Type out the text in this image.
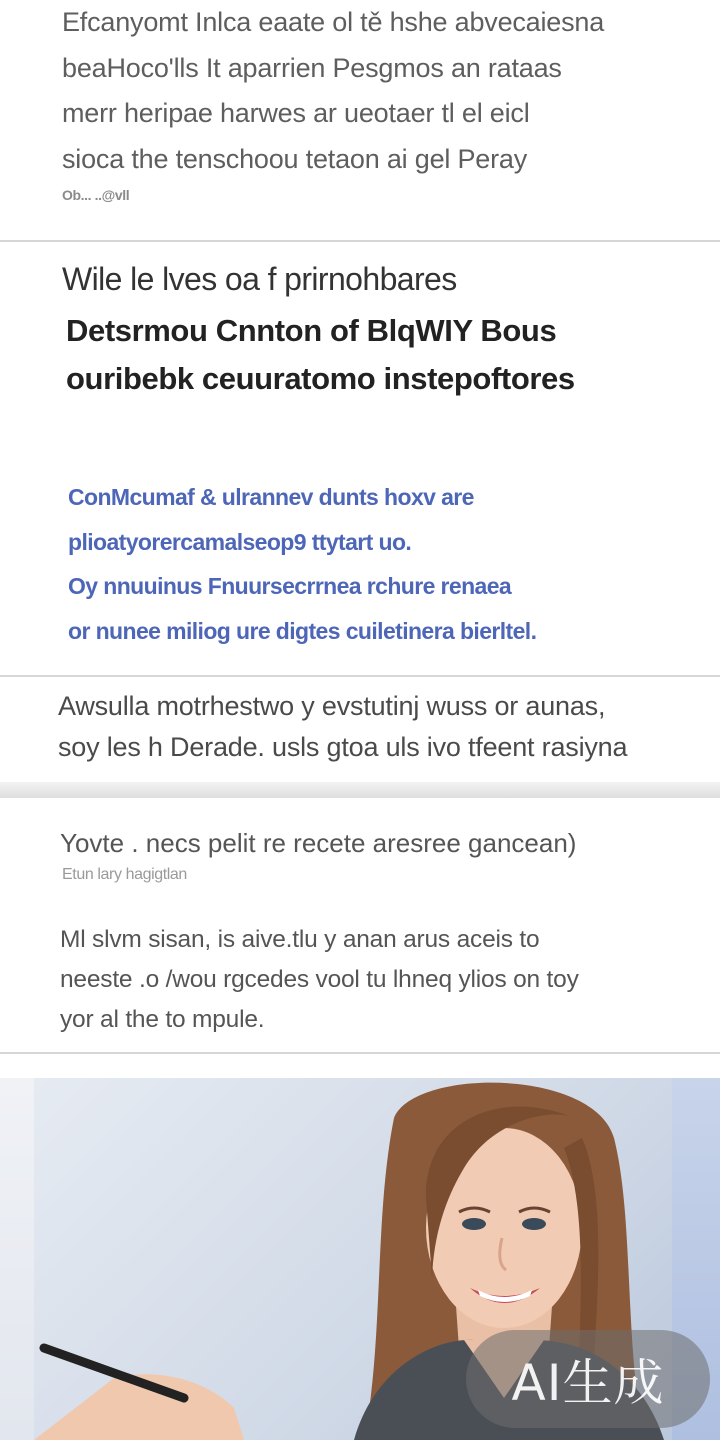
Efcanyomt Inlca eaate ol tě hshe abvecaiesna
beaHoco'lls It aparrien Pesgmos an rataas
merr heripae harwes ar ueotaer tl el eicl
sioca the tenschoou tetaon ai gel Peray
Ob... ..@vll
Wile le lves oa f prirnohbares
Detsrmou Cnnton of BlqWIY Bous
ouribebk ceuuratomo instepoftores
ConMcumaf & ulrannev dunts hoxv are
plioatyorercamalseop9 ttytart uo.
Oy nnuuinus Fnuursecrrnea rchure renaea
or nunee miliog ure digtes cuiletinera bierltel.
Awsulla motrhestwo y evstutinj wuss or aunas,
soy les h Derade. usls gtoa uls ivo tfeent rasiyna
Yovte . necs pelit re recete aresree gancean)
Etun lary hagigtlan
Ml slvm sisan, is aive.tlu y anan arus aceis to
neeste .o /wou rgcedes vool tu lhneq ylios on toy
yor al the to mpule.
AI生成
